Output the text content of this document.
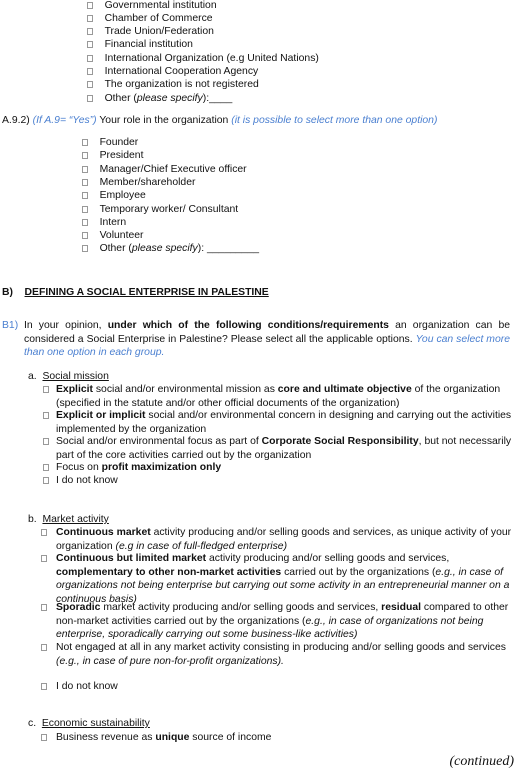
Governmental institution
Chamber of Commerce
Trade Union/Federation
Financial institution
International Organization (e.g United Nations)
International Cooperation Agency
The organization is not registered
Other (please specify):____
A.9.2) (If A.9= “Yes”) Your role in the organization (it is possible to select more than one option)
Founder
President
Manager/Chief Executive officer
Member/shareholder
Employee
Temporary worker/ Consultant
Intern
Volunteer
Other (please specify): _________
B) DEFINING A SOCIAL ENTERPRISE IN PALESTINE
B1) In your opinion, under which of the following conditions/requirements an organization can be considered a Social Enterprise in Palestine? Please select all the applicable options. You can select more than one option in each group.
a. Social mission
Explicit social and/or environmental mission as core and ultimate objective of the organization (specified in the statute and/or other official documents of the organization)
Explicit or implicit social and/or environmental concern in designing and carrying out the activities implemented by the organization
Social and/or environmental focus as part of Corporate Social Responsibility, but not necessarily part of the core activities carried out by the organization
Focus on profit maximization only
I do not know
b. Market activity
Continuous market activity producing and/or selling goods and services, as unique activity of your organization (e.g in case of full-fledged enterprise)
Continuous but limited market activity producing and/or selling goods and services, complementary to other non-market activities carried out by the organizations (e.g., in case of organizations not being enterprise but carrying out some activity in an entrepreneurial manner on a continuous basis)
Sporadic market activity producing and/or selling goods and services, residual compared to other non-market activities carried out by the organizations (e.g., in case of organizations not being enterprise, sporadically carrying out some business-like activities)
Not engaged at all in any market activity consisting in producing and/or selling goods and services (e.g., in case of pure non-for-profit organizations).
I do not know
c. Economic sustainability
Business revenue as unique source of income
(continued)
